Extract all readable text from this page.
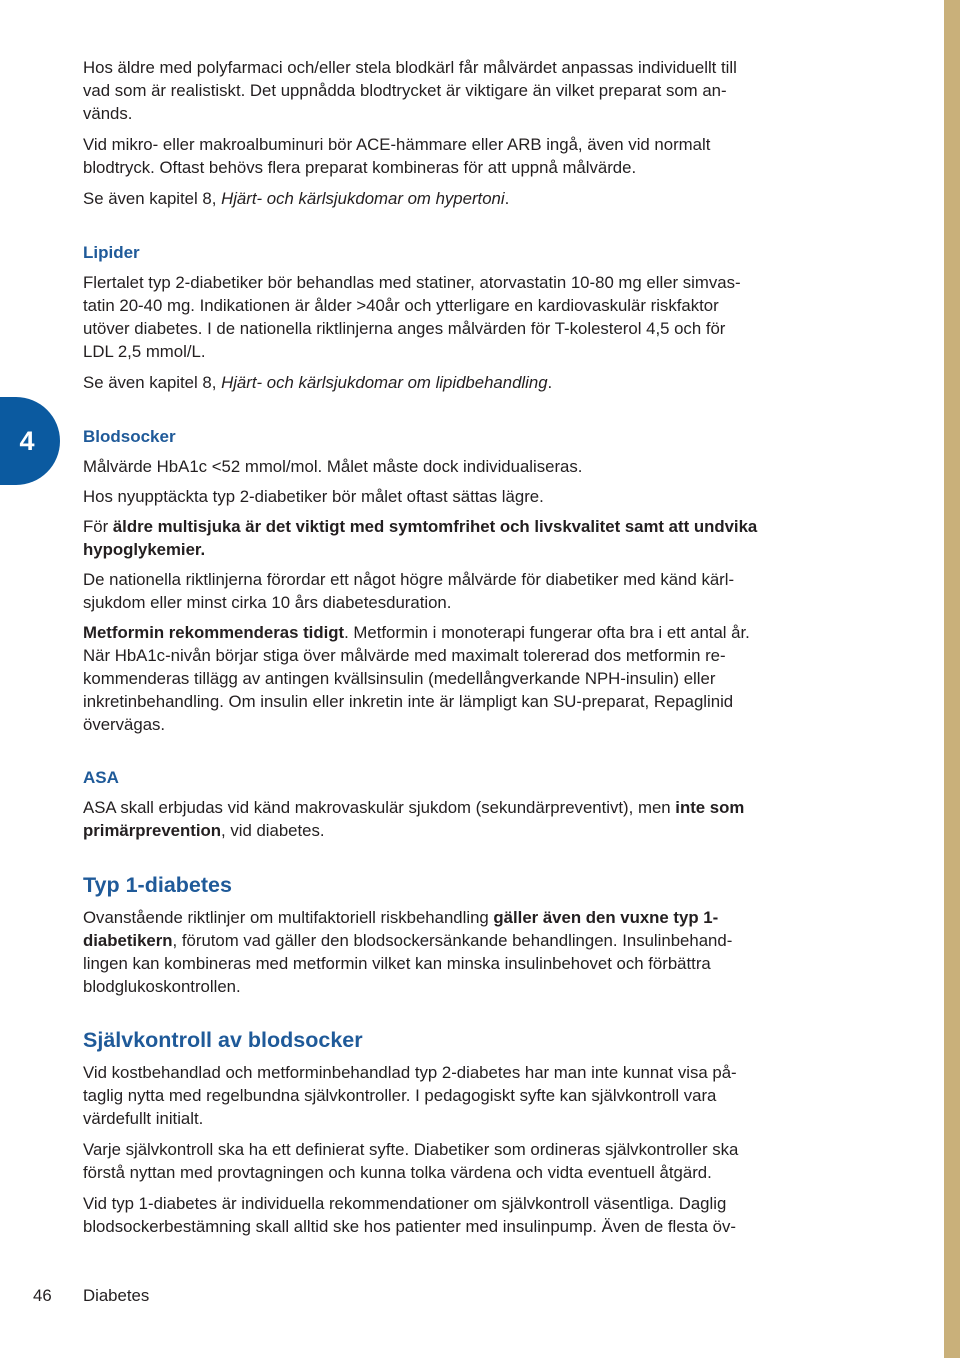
4

Hos äldre med polyfarmaci och/eller stela blodkärl får målvärdet anpassas individuellt till
vad som är realistiskt. Det uppnådda blodtrycket är viktigare än vilket preparat som an-
vänds.

Vid mikro- eller makroalbuminuri bör ACE-hämmare eller ARB ingå, även vid normalt
blodtryck. Oftast behövs flera preparat kombineras för att uppnå målvärde.

Se även kapitel 8, Hjärt- och kärlsjukdomar om hypertoni.

Lipider

Flertalet typ 2-diabetiker bör behandlas med statiner, atorvastatin 10-80 mg eller simvas-
tatin 20-40 mg. Indikationen är ålder >40år och ytterligare en kardiovaskulär riskfaktor
utöver diabetes. I de nationella riktlinjerna anges målvärden för T-kolesterol 4,5 och för
LDL 2,5 mmol/L.

Se även kapitel 8, Hjärt- och kärlsjukdomar om lipidbehandling.

Blodsocker

Målvärde HbA1c <52 mmol/mol. Målet måste dock individualiseras.

Hos nyupptäckta typ 2-diabetiker bör målet oftast sättas lägre.

För äldre multisjuka är det viktigt med symtomfrihet och livskvalitet samt att undvika
hypoglykemier.

De nationella riktlinjerna förordar ett något högre målvärde för diabetiker med känd kärl-
sjukdom eller minst cirka 10 års diabetesduration.

Metformin rekommenderas tidigt. Metformin i monoterapi fungerar ofta bra i ett antal år.
När HbA1c-nivån börjar stiga över målvärde med maximalt tolererad dos metformin re-
kommenderas tillägg av antingen kvällsinsulin (medellångverkande NPH-insulin) eller
inkretinbehandling. Om insulin eller inkretin inte är lämpligt kan SU-preparat, Repaglinid
övervägas.

ASA

ASA skall erbjudas vid känd makrovaskulär sjukdom (sekundärpreventivt), men inte som
primärprevention, vid diabetes.

Typ 1-diabetes

Ovanstående riktlinjer om multifaktoriell riskbehandling gäller även den vuxne typ 1-
diabetikern, förutom vad gäller den blodsockersänkande behandlingen. Insulinbehand-
lingen kan kombineras med metformin vilket kan minska insulinbehovet och förbättra
blodglukoskontrollen.

Självkontroll av blodsocker

Vid kostbehandlad och metforminbehandlad typ 2-diabetes har man inte kunnat visa på-
taglig nytta med regelbundna självkontroller. I pedagogiskt syfte kan självkontroll vara
värdefullt initialt.

Varje självkontroll ska ha ett definierat syfte. Diabetiker som ordineras självkontroller ska
förstå nyttan med provtagningen och kunna tolka värdena och vidta eventuell åtgärd.

Vid typ 1-diabetes är individuella rekommendationer om självkontroll väsentliga. Daglig
blodsockerbestämning skall alltid ske hos patienter med insulinpump. Även de flesta öv-

46 Diabetes
